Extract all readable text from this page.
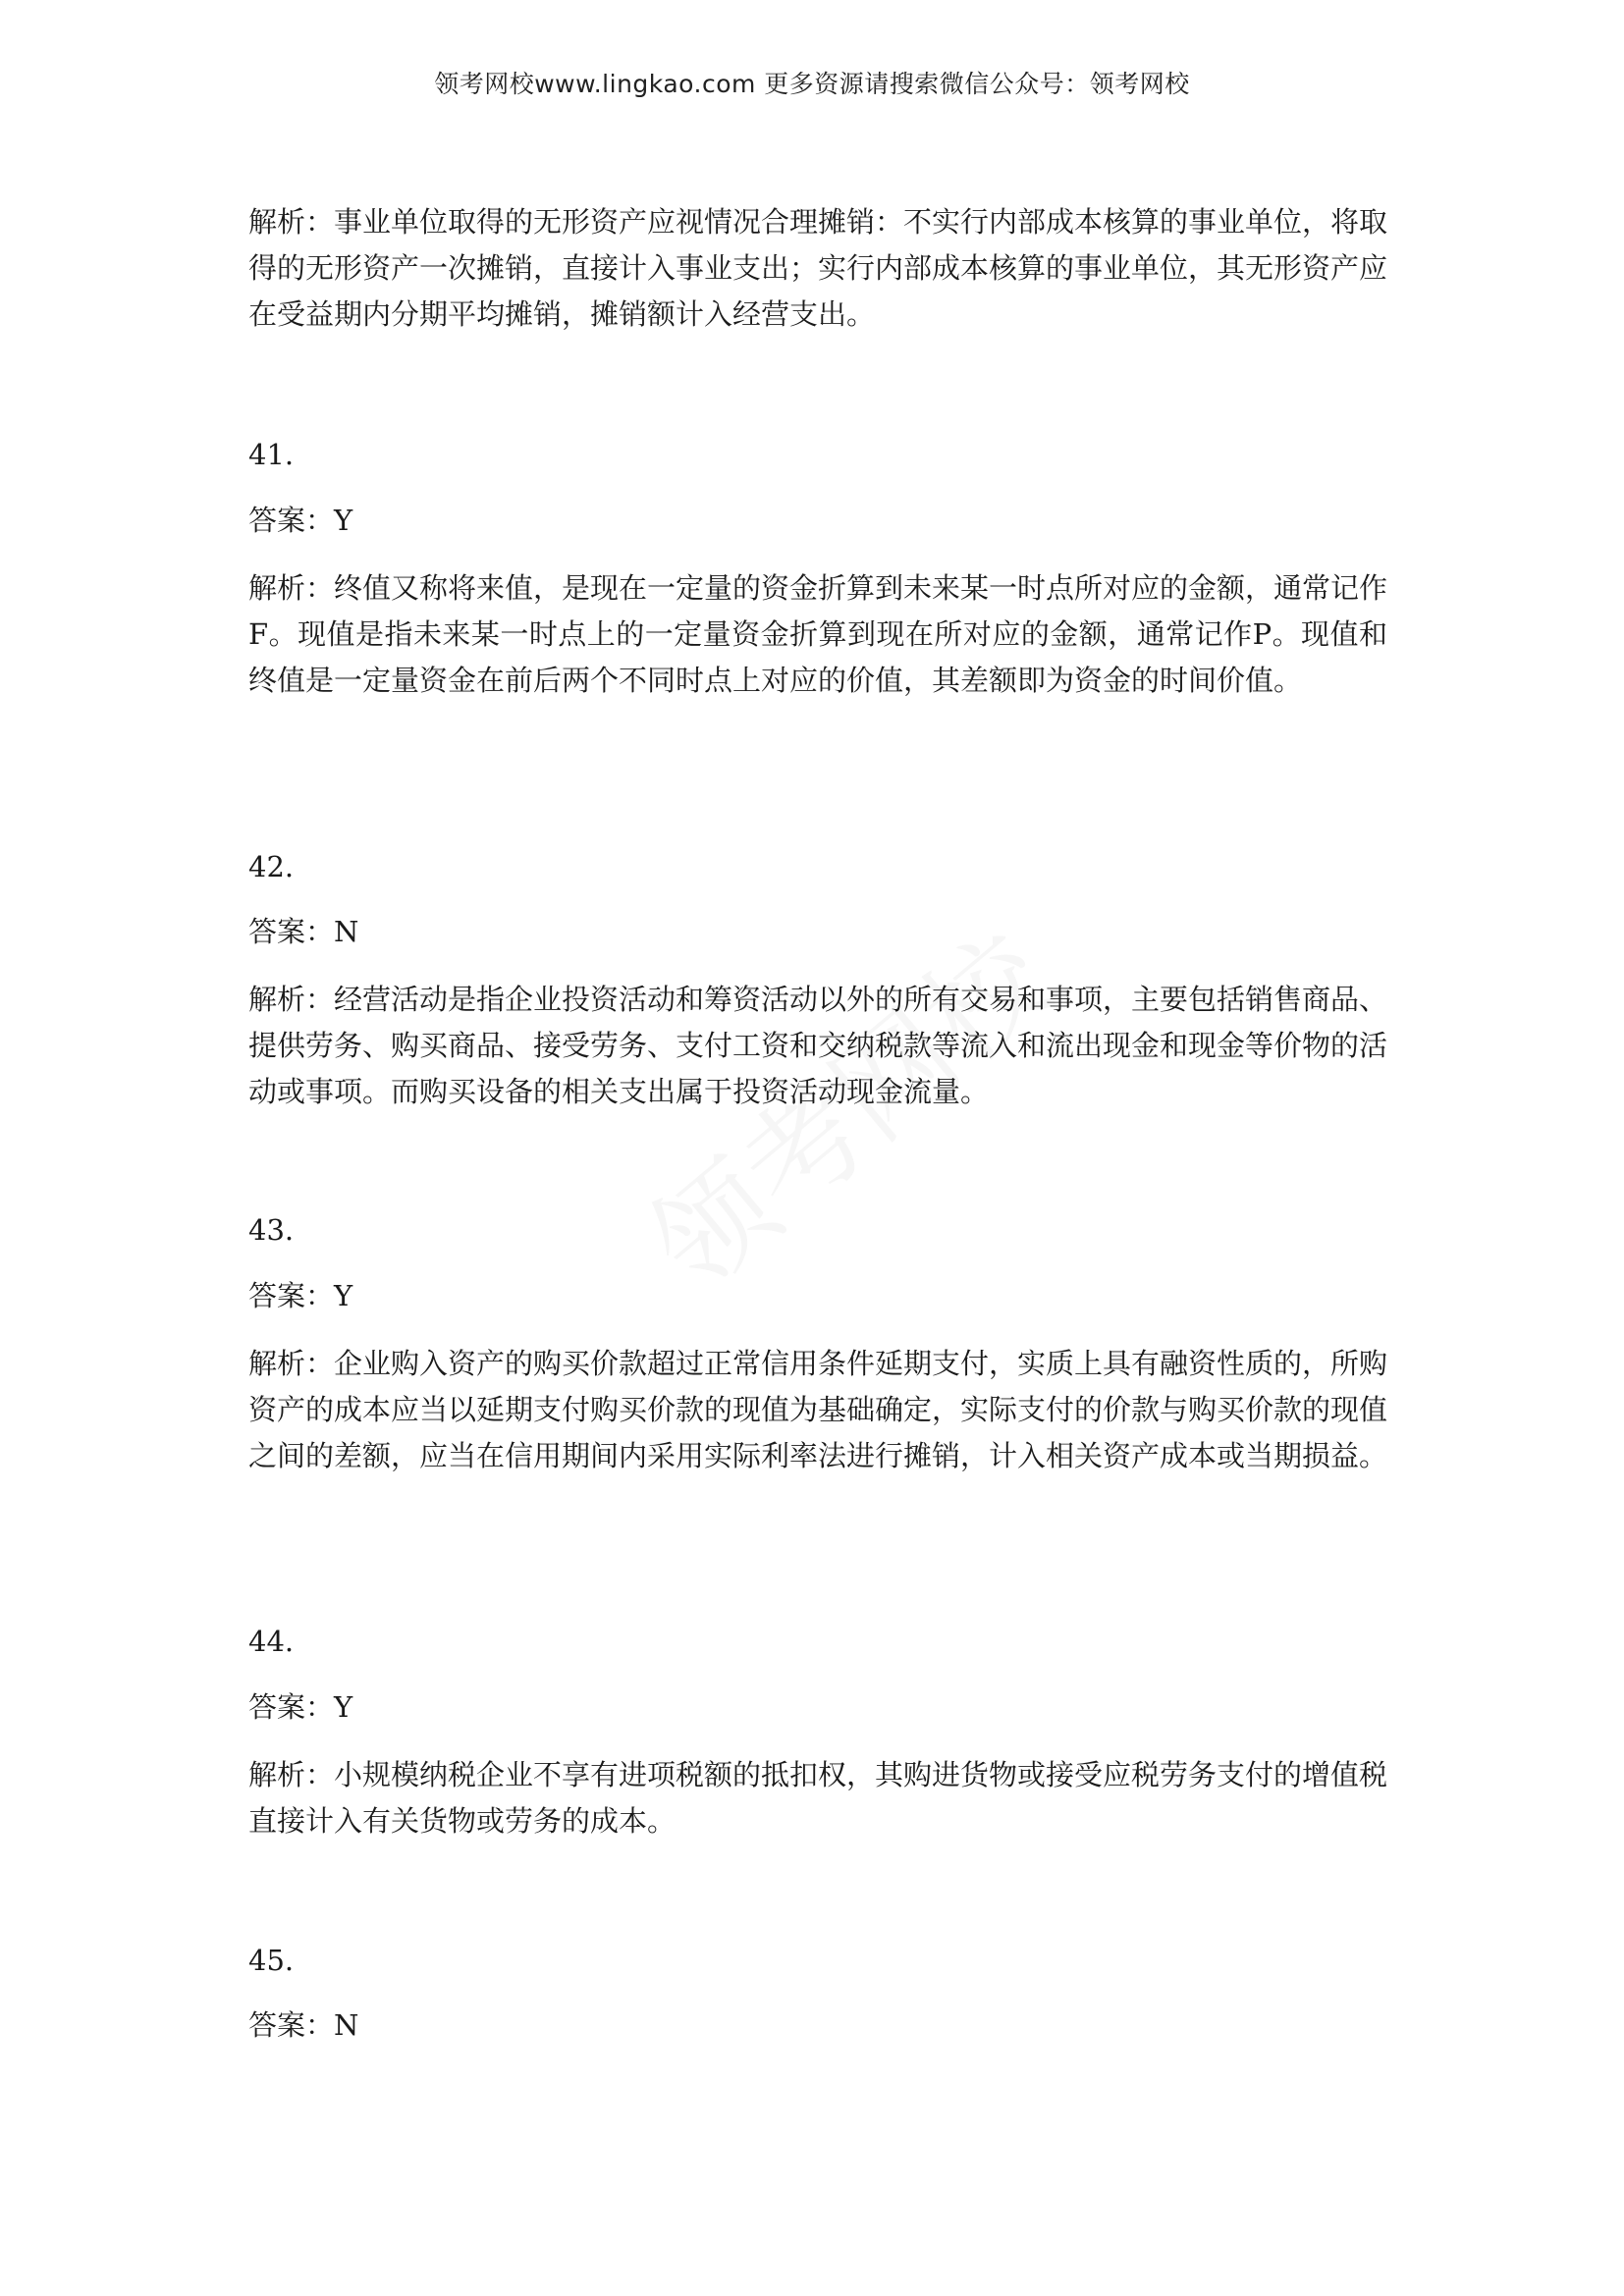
领考网校www.lingkao.com 更多资源请搜索微信公众号：领考网校

解析：事业单位取得的无形资产应视情况合理摊销：不实行内部成本核算的事业单位，将取得的无形资产一次摊销，直接计入事业支出；实行内部成本核算的事业单位，其无形资产应在受益期内分期平均摊销，摊销额计入经营支出。

41.

答案：Y

解析：终值又称将来值，是现在一定量的资金折算到未来某一时点所对应的金额，通常记作F。现值是指未来某一时点上的一定量资金折算到现在所对应的金额，通常记作P。现值和终值是一定量资金在前后两个不同时点上对应的价值，其差额即为资金的时间价值。

42.

答案：N

解析：经营活动是指企业投资活动和筹资活动以外的所有交易和事项，主要包括销售商品、提供劳务、购买商品、接受劳务、支付工资和交纳税款等流入和流出现金和现金等价物的活动或事项。而购买设备的相关支出属于投资活动现金流量。

43.

答案：Y

解析：企业购入资产的购买价款超过正常信用条件延期支付，实质上具有融资性质的，所购资产的成本应当以延期支付购买价款的现值为基础确定，实际支付的价款与购买价款的现值之间的差额，应当在信用期间内采用实际利率法进行摊销，计入相关资产成本或当期损益。

44.

答案：Y

解析：小规模纳税企业不享有进项税额的抵扣权，其购进货物或接受应税劳务支付的增值税直接计入有关货物或劳务的成本。

45.

答案：N
